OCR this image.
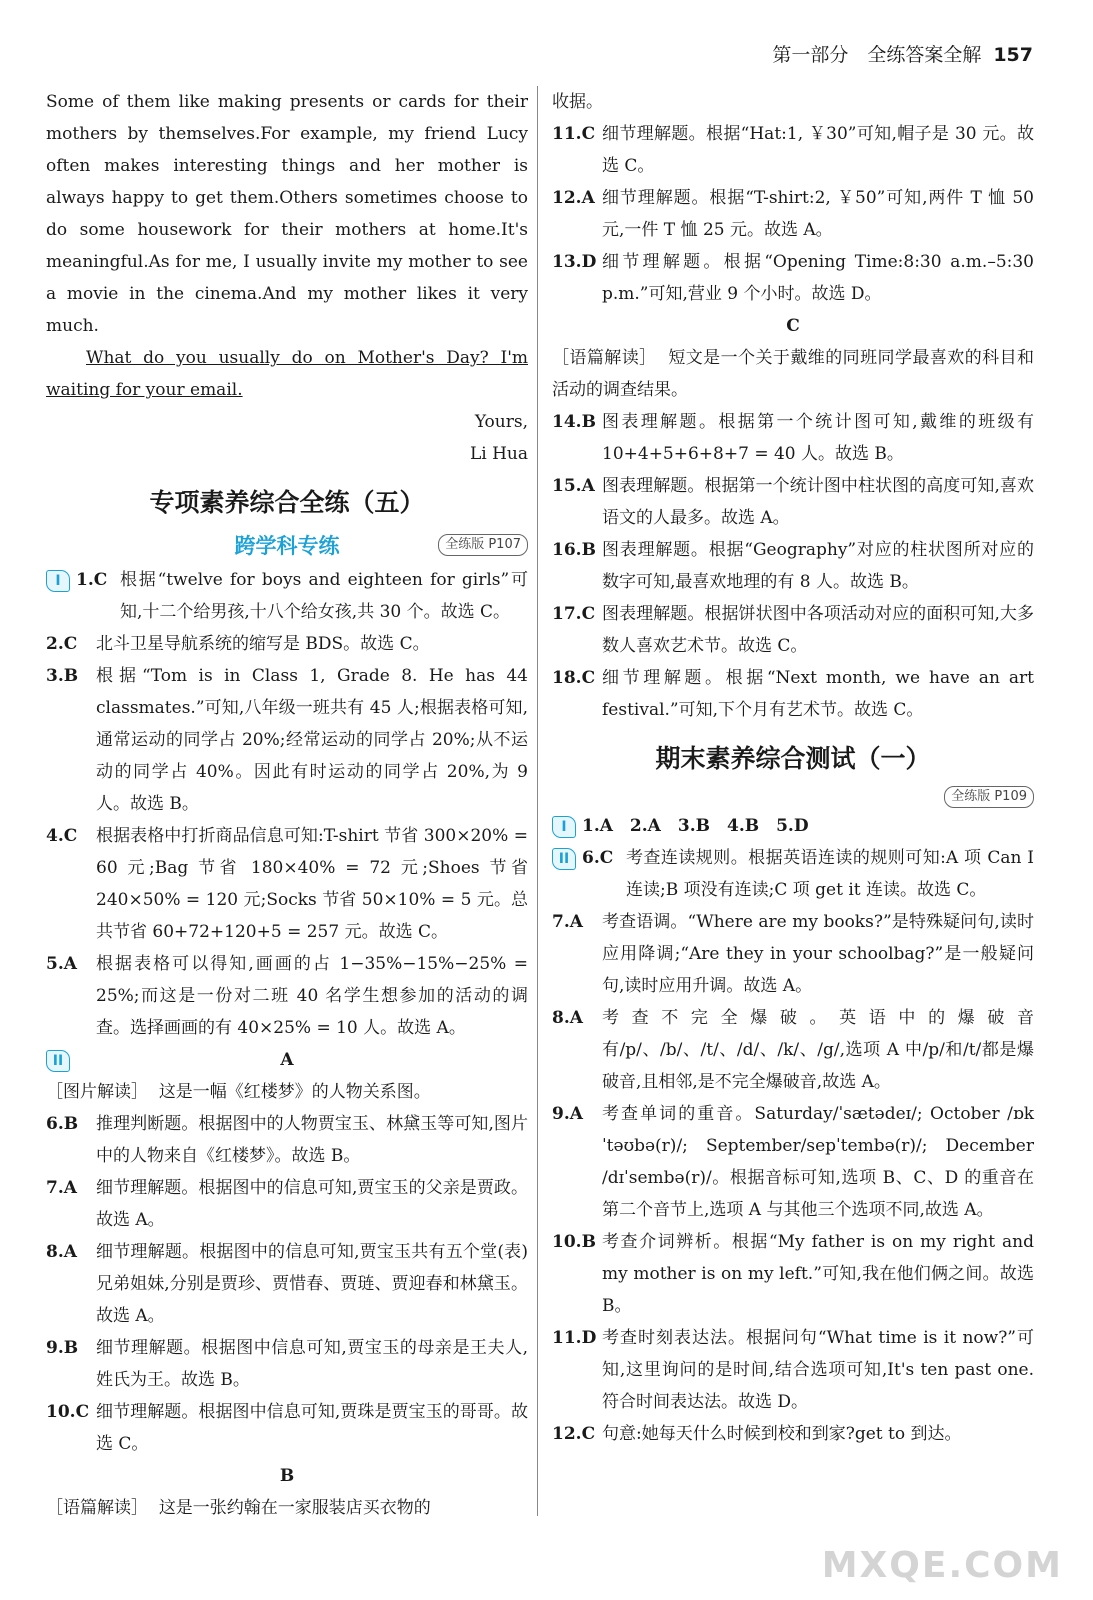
第一部分　全练答案全解 157

Some of them like making presents or cards for their mothers by themselves.For example, my friend Lucy often makes interesting things and her mother is always happy to get them.Others sometimes choose to do some housework for their mothers at home.It's meaningful.As for me, I usually invite my mother to see a movie in the cinema.And my mother likes it very much.

What do you usually do on Mother's Day? I'm waiting for your email.

Yours,

Li Hua

专项素养综合全练（五）
跨学科专练	全练版 P107
I 1.C 根据“twelve for boys and eighteen for girls”可知,十二个给男孩,十八个给女孩,共 30 个。故选 C。
2.C	北斗卫星导航系统的缩写是 BDS。故选 C。
3.B	根据“Tom is in Class 1, Grade 8. He has 44 classmates.”可知,八年级一班共有 45 人;根据表格可知,通常运动的同学占 20%;经常运动的同学占 20%;从不运动的同学占 40%。因此有时运动的同学占 20%,为 9 人。故选 B。
4.C	根据表格中打折商品信息可知:T-shirt 节省 300×20% = 60 元;Bag 节省 180×40% = 72 元;Shoes 节省 240×50% = 120 元;Socks 节省 50×10% = 5 元。总共节省 60+72+120+5 = 257 元。故选 C。
5.A	根据表格可以得知,画画的占 1−35%−15%−25% = 25%;而这是一份对二班 40 名学生想参加的活动的调查。选择画画的有 40×25% = 10 人。故选 A。
II	A

［图片解读］ 这是一幅《红楼梦》的人物关系图。

6.B	推理判断题。根据图中的人物贾宝玉、林黛玉等可知,图片中的人物来自《红楼梦》。故选 B。
7.A	细节理解题。根据图中的信息可知,贾宝玉的父亲是贾政。故选 A。
8.A	细节理解题。根据图中的信息可知,贾宝玉共有五个堂(表)兄弟姐妹,分别是贾珍、贾惜春、贾琏、贾迎春和林黛玉。故选 A。
9.B	细节理解题。根据图中信息可知,贾宝玉的母亲是王夫人,姓氏为王。故选 B。
10.C 细节理解题。根据图中信息可知,贾珠是贾宝玉的哥哥。故选 C。

B

［语篇解读］ 这是一张约翰在一家服装店买衣物的

收据。

11.C 细节理解题。根据“Hat:1, ￥30”可知,帽子是 30 元。故选 C。
12.A 细节理解题。根据“T-shirt:2, ￥50”可知,两件 T 恤 50 元,一件 T 恤 25 元。故选 A。
13.D 细节理解题。根据“Opening Time:8:30 a.m.–5:30 p.m.”可知,营业 9 个小时。故选 D。

C

［语篇解读］ 短文是一个关于戴维的同班同学最喜欢的科目和活动的调查结果。

14.B 图表理解题。根据第一个统计图可知,戴维的班级有 10+4+5+6+8+7 = 40 人。故选 B。
15.A 图表理解题。根据第一个统计图中柱状图的高度可知,喜欢语文的人最多。故选 A。
16.B 图表理解题。根据“Geography”对应的柱状图所对应的数字可知,最喜欢地理的有 8 人。故选 B。
17.C 图表理解题。根据饼状图中各项活动对应的面积可知,大多数人喜欢艺术节。故选 C。
18.C 细节理解题。根据“Next month, we have an art festival.”可知,下个月有艺术节。故选 C。
期末素养综合测试（一）
全练版 P109
I 1.A　2.A　3.B　4.B　5.D
II 6.C 考查连读规则。根据英语连读的规则可知:A 项 Can I 连读;B 项没有连读;C 项 get it 连读。故选 C。
7.A	考查语调。“Where are my books?”是特殊疑问句,读时应用降调;“Are they in your schoolbag?”是一般疑问句,读时应用升调。故选 A。
8.A	考查不完全爆破。英语中的爆破音有/p/、/b/、/t/、/d/、/k/、/g/,选项 A 中/p/和/t/都是爆破音,且相邻,是不完全爆破音,故选 A。
9.A	考查单词的重音。Saturday/ˈsætədeɪ/; October /ɒkˈtəʊbə(r)/; September/sepˈtembə(r)/; December /dɪˈsembə(r)/。根据音标可知,选项 B、C、D 的重音在第二个音节上,选项 A 与其他三个选项不同,故选 A。
10.B 考查介词辨析。根据“My father is on my right and my mother is on my left.”可知,我在他们俩之间。故选 B。
11.D 考查时刻表达法。根据问句“What time is it now?”可知,这里询问的是时间,结合选项可知,It's ten past one.符合时间表达法。故选 D。
12.C 句意:她每天什么时候到校和到家?get to 到达。
MXQE.COM
